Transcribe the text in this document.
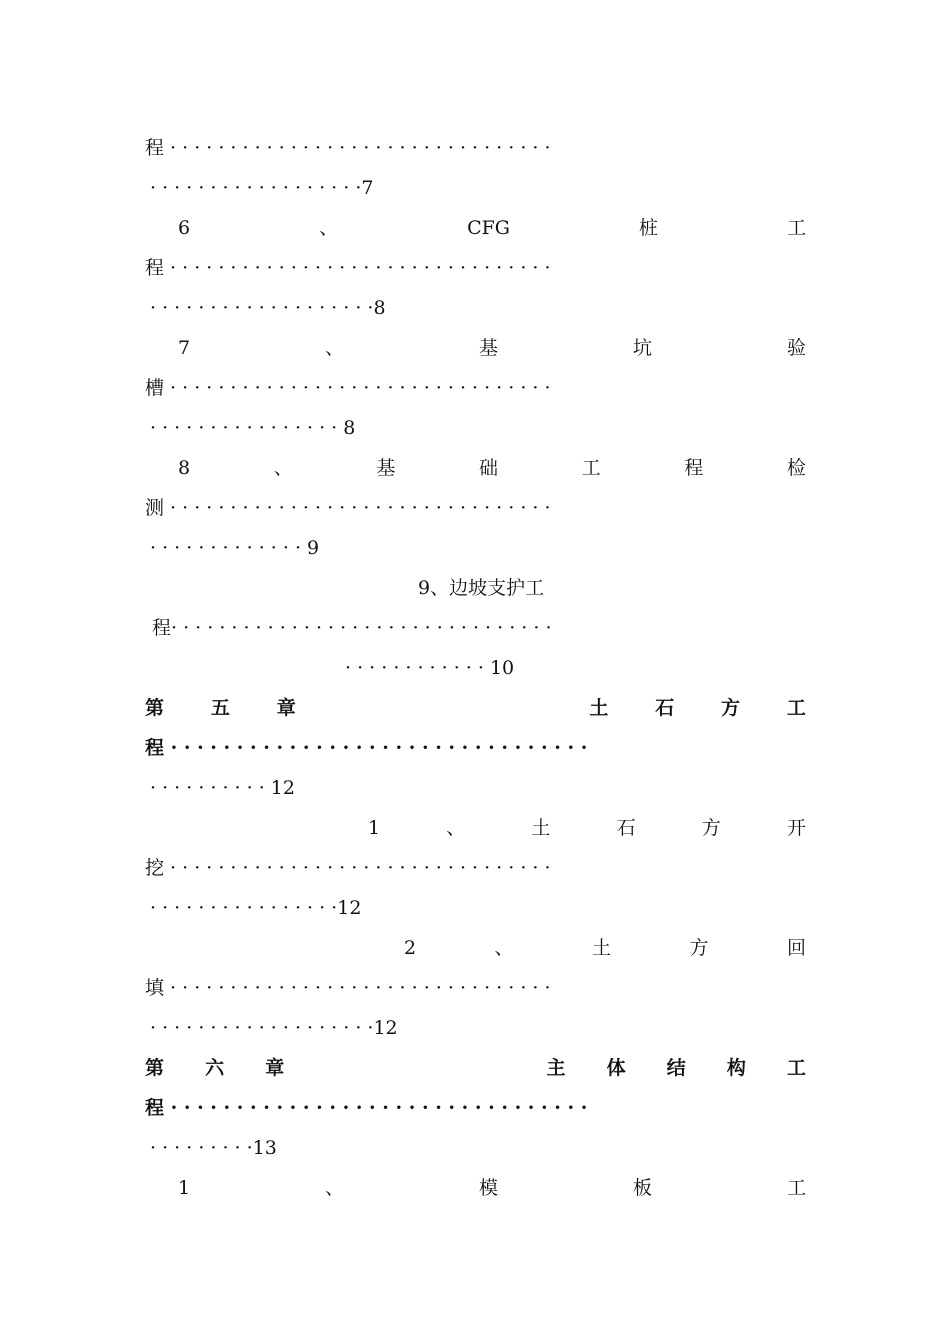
程 · · · · · · · · · · · · · · · · · · · · · · · · · · · · · · · ·
· · · · · · · · · · · · · · · · · ·7
6	、	CFG	桩	工
程 · · · · · · · · · · · · · · · · · · · · · · · · · · · · · · · ·
· · · · · · · · · · · · · · · · · · ·8
7	、	基	坑	验
槽 · · · · · · · · · · · · · · · · · · · · · · · · · · · · · · · ·
· · · · · · · · · · · · · · · · 8
8	、	基	础	工	程	检
测 · · · · · · · · · · · · · · · · · · · · · · · · · · · · · · · ·
· · · · · · · · · · · · · 9
9、边坡支护工
程· · · · · · · · · · · · · · · · · · · · · · · · · · · · · · · ·
· · · · · · · · · · · · 10
第 五 章	土 石 方 工
程 · · · · · · · · · · · · · · · · · · · · · · · · · · · · · · · ·
· · · · · · · · · · 12
1	、	土	石	方	开
挖 · · · · · · · · · · · · · · · · · · · · · · · · · · · · · · · ·
· · · · · · · · · · · · · · · ·12
2	、	土	方	回
填 · · · · · · · · · · · · · · · · · · · · · · · · · · · · · · · ·
· · · · · · · · · · · · · · · · · · ·12
第 六 章	主 体 结 构 工
程 · · · · · · · · · · · · · · · · · · · · · · · · · · · · · · · ·
· · · · · · · · ·13
1	、	模	板	工
